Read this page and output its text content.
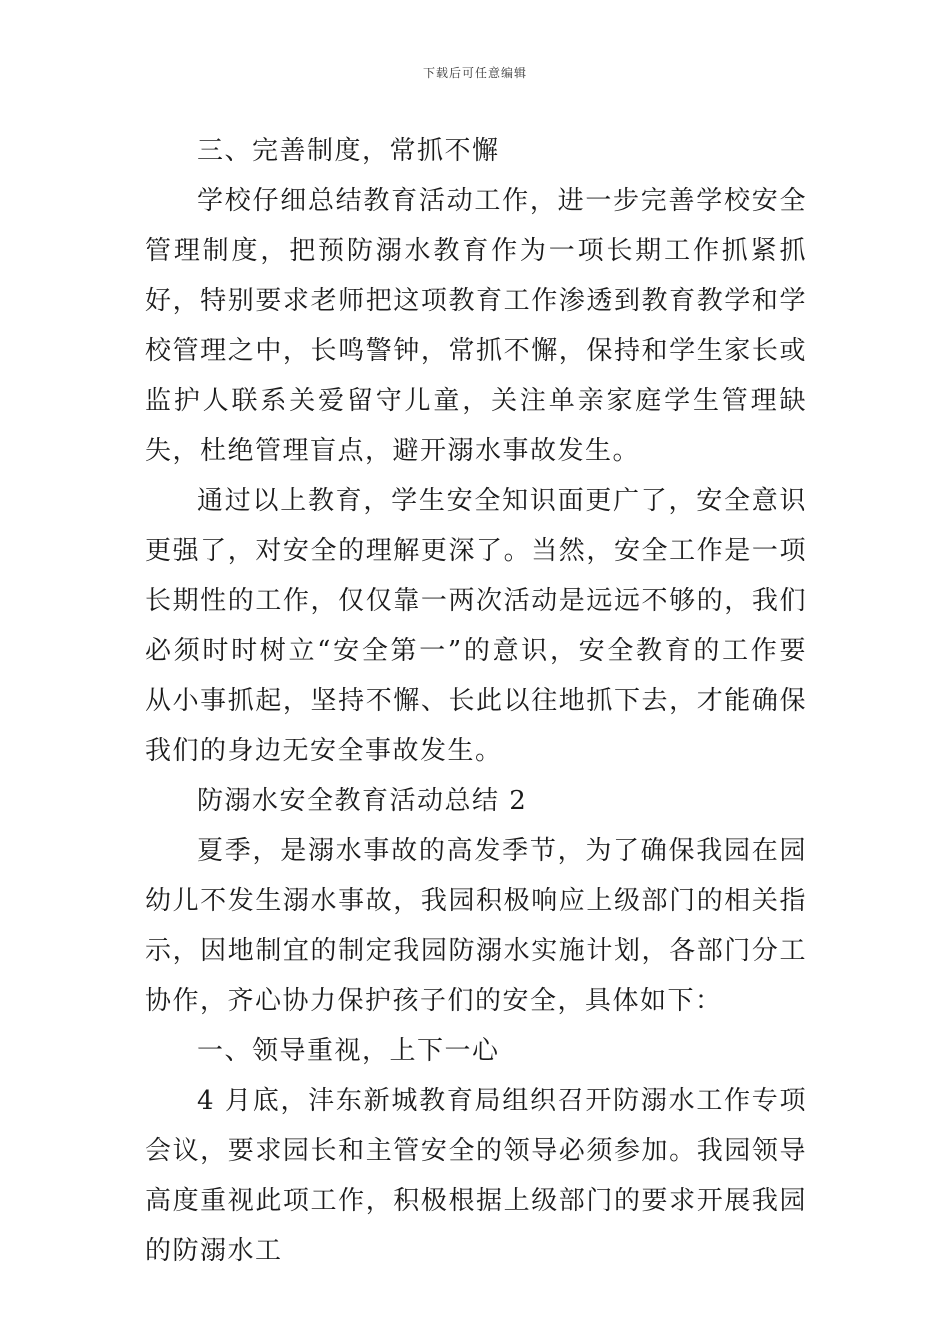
下载后可任意编辑

三、完善制度，常抓不懈

学校仔细总结教育活动工作，进一步完善学校安全管理制度，把预防溺水教育作为一项长期工作抓紧抓好，特别要求老师把这项教育工作渗透到教育教学和学校管理之中，长鸣警钟，常抓不懈，保持和学生家长或监护人联系关爱留守儿童，关注单亲家庭学生管理缺失，杜绝管理盲点，避开溺水事故发生。

通过以上教育，学生安全知识面更广了，安全意识更强了，对安全的理解更深了。当然，安全工作是一项长期性的工作，仅仅靠一两次活动是远远不够的，我们必须时时树立“安全第一”的意识，安全教育的工作要从小事抓起，坚持不懈、长此以往地抓下去，才能确保我们的身边无安全事故发生。

防溺水安全教育活动总结 2

夏季，是溺水事故的高发季节，为了确保我园在园幼儿不发生溺水事故，我园积极响应上级部门的相关指示，因地制宜的制定我园防溺水实施计划，各部门分工协作，齐心协力保护孩子们的安全，具体如下：

一、领导重视，上下一心

4 月底，沣东新城教育局组织召开防溺水工作专项会议，要求园长和主管安全的领导必须参加。我园领导高度重视此项工作，积极根据上级部门的要求开展我园的防溺水工
